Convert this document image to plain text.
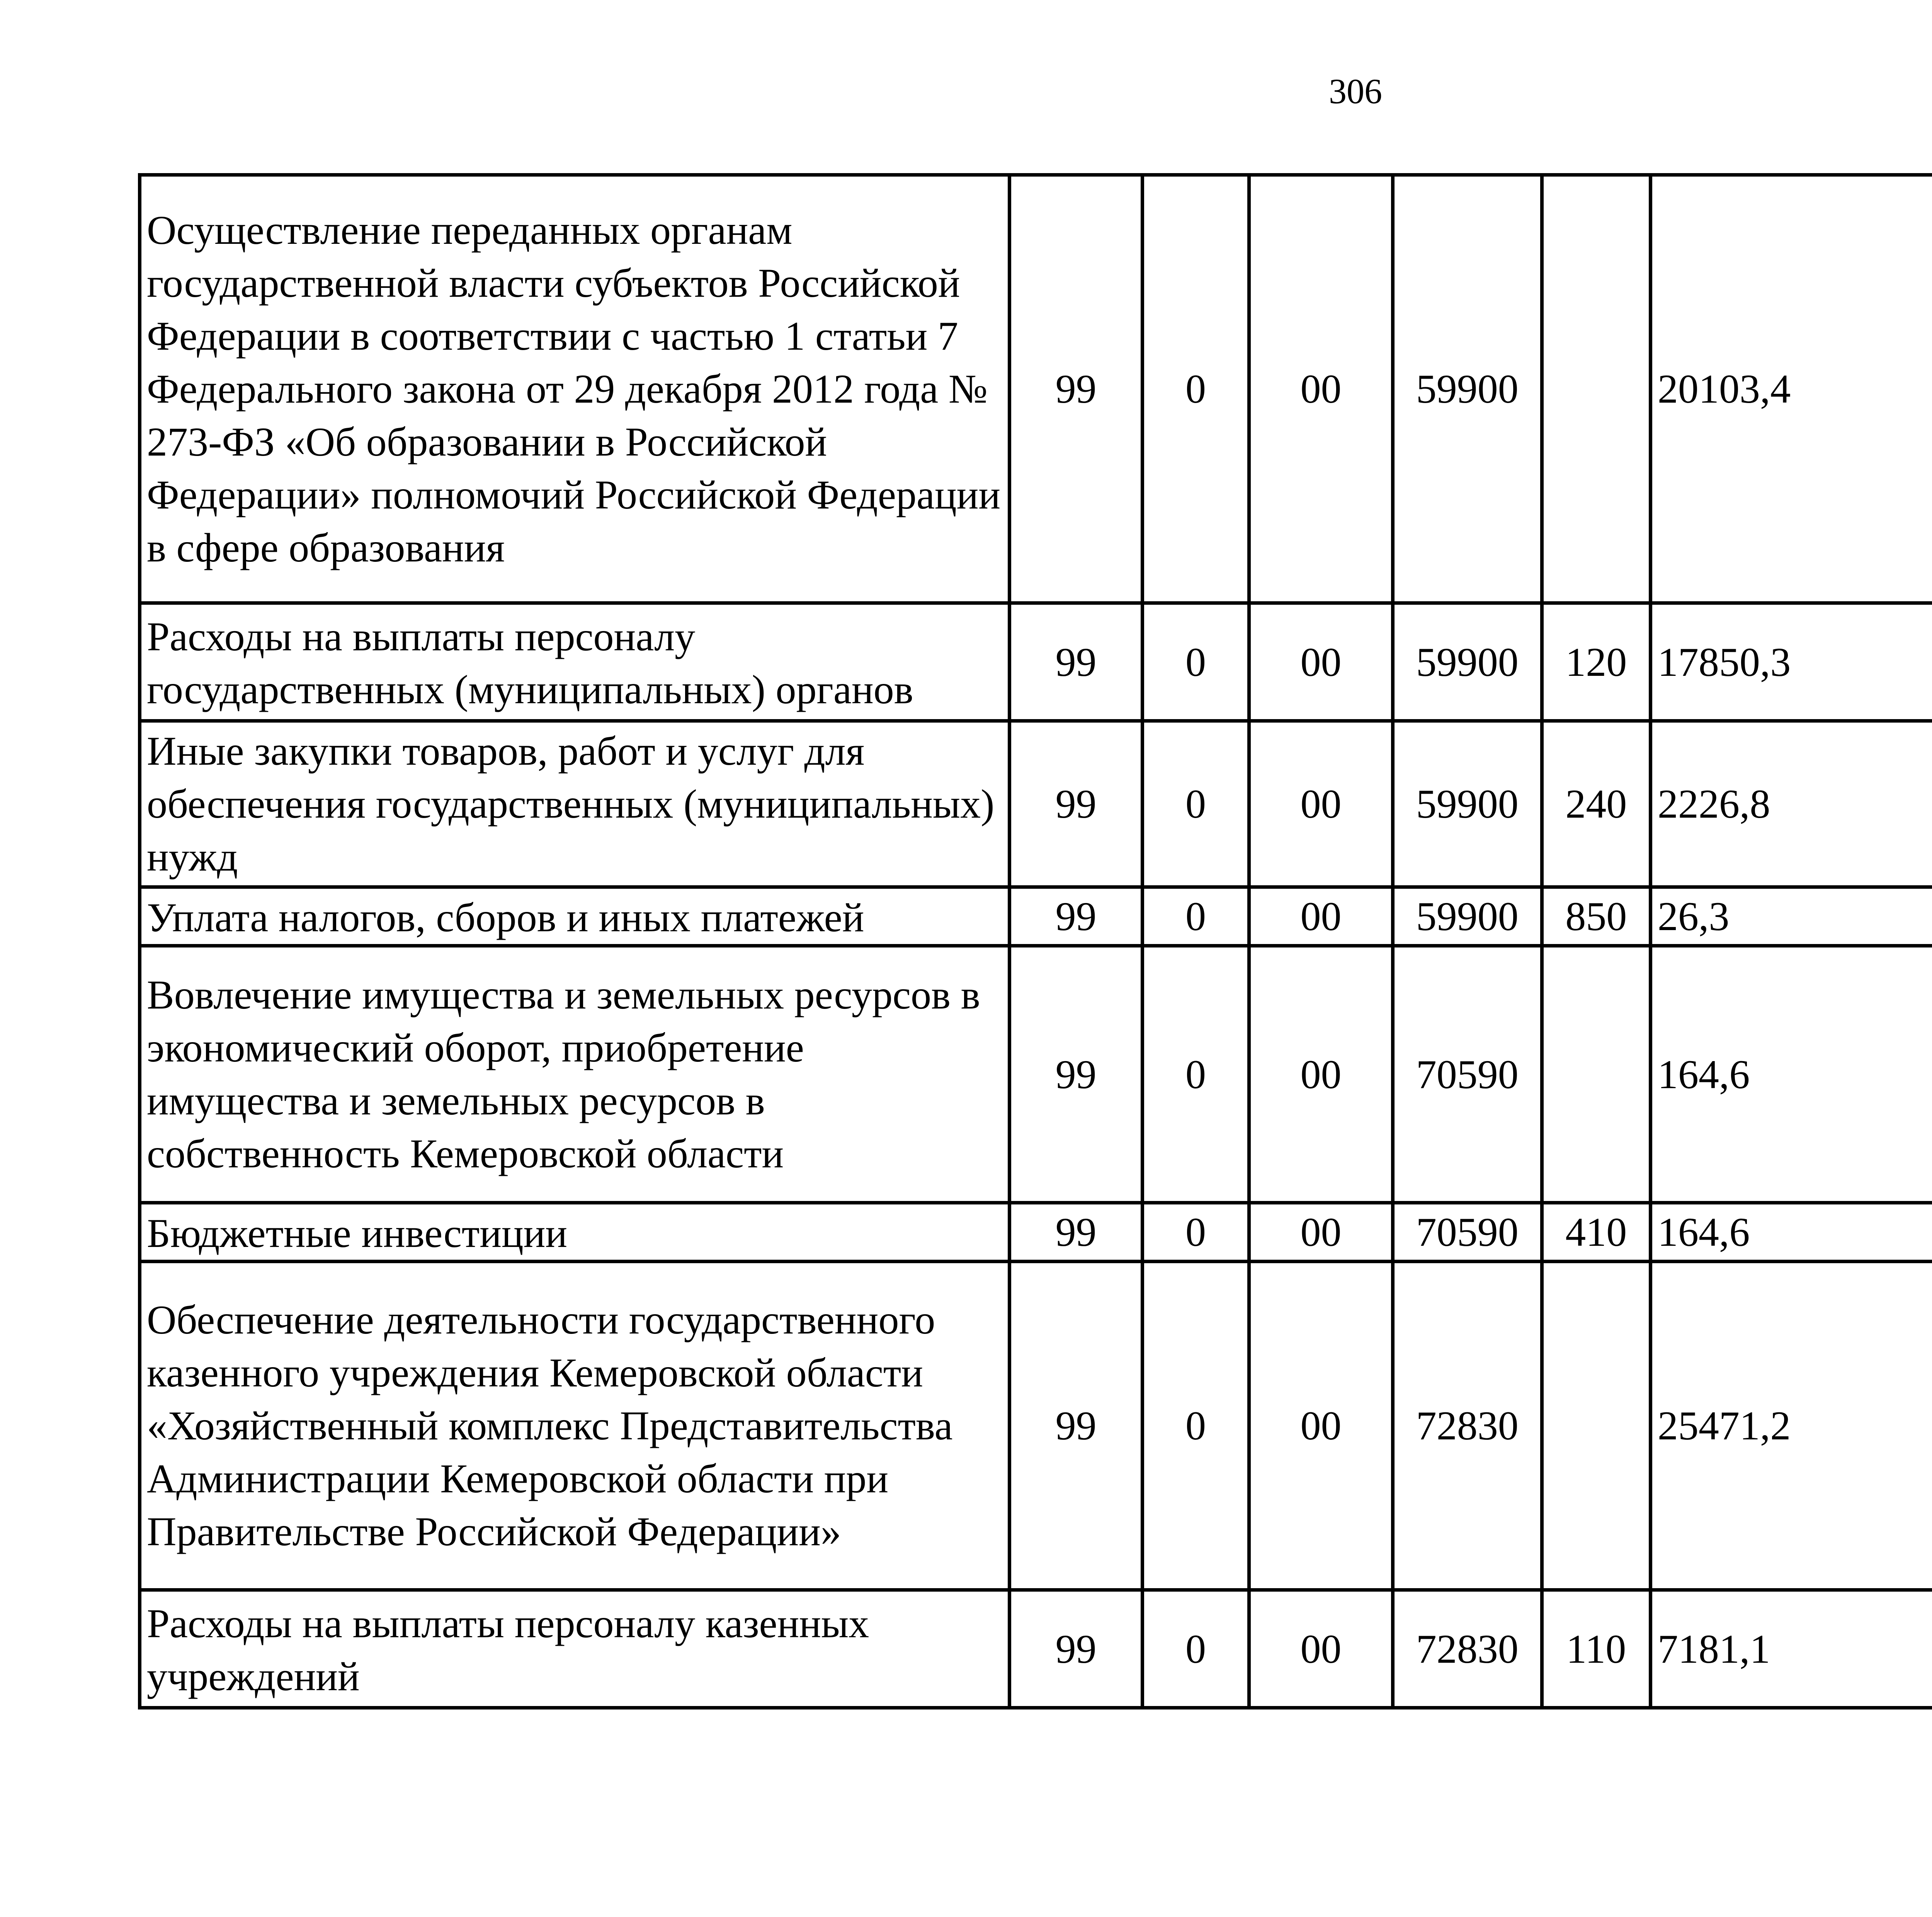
306
Осуществление переданных органам государственной власти субъектов Российской Федерации в соответствии с частью 1 статьи 7 Федерального закона от 29 декабря 2012 года № 273-ФЗ «Об образовании в Российской Федерации» полномочий Российской Федерации в сфере образования	99	0	00	59900		20103,4		
Расходы на выплаты персоналу государственных (муниципальных) органов	99	0	00	59900	120	17850,3		
Иные закупки товаров, работ и услуг для обеспечения государственных (муниципальных) нужд	99	0	00	59900	240	2226,8		
Уплата налогов, сборов и иных платежей	99	0	00	59900	850	26,3		
Вовлечение имущества и земельных ресурсов в экономический оборот, приобретение имущества и земельных ресурсов в собственность Кемеровской области	99	0	00	70590		164,6		
Бюджетные инвестиции	99	0	00	70590	410	164,6		
Обеспечение деятельности государственного казенного учреждения Кемеровской области «Хозяйственный комплекс Представительства Администрации Кемеровской области при Правительстве Российской Федерации»	99	0	00	72830		25471,2		
Расходы на выплаты персоналу казенных учреждений	99	0	00	72830	110	7181,1		
